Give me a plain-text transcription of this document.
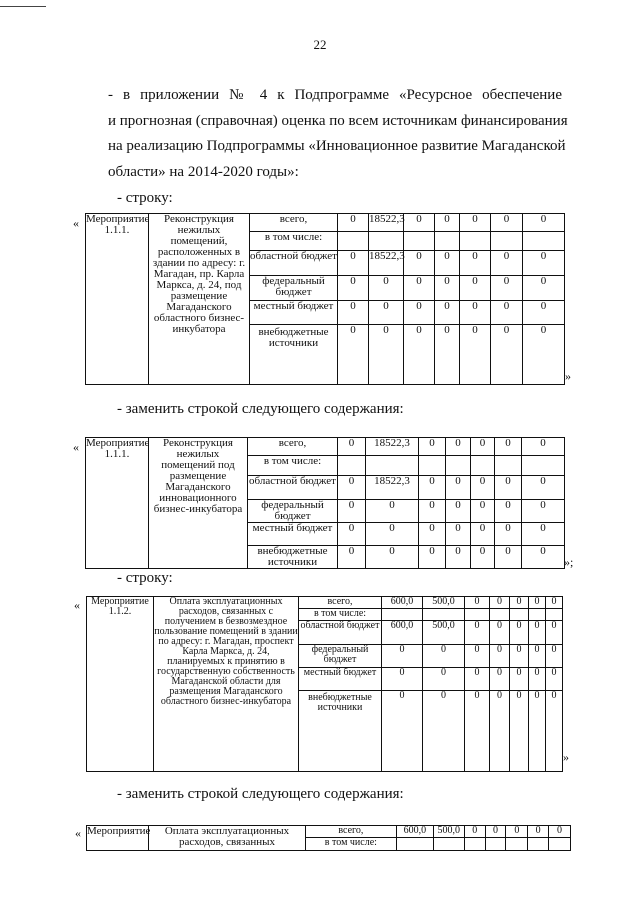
22
- в приложении № 4 к Подпрограмме «Ресурсное обеспечение
и прогнозная (справочная) оценка по всем источникам финансирования
на реализацию Подпрограммы «Инновационное развитие Магаданской
области» на 2014-2020 годы»:
- строку:
« Мероприятие 1.1.1.	Реконструкция нежилых помещений, расположенных в здании по адресу: г. Магадан, пр. Карла Маркса, д. 24, под размещение Магаданского областного бизнес-инкубатора	всего,	0	18522,3	0	0	0	0	0
		в том числе:							
		областной бюджет	0	18522,3	0	0	0	0	0
		федеральный бюджет	0	0	0	0	0	0	0
		местный бюджет	0	0	0	0	0	0	0
		внебюджетные источники	0	0	0	0	0	0	0
»
- заменить строкой следующего содержания:
« Мероприятие 1.1.1.	Реконструкция нежилых помещений под размещение Магаданского инновационного бизнес-инкубатора	всего,	0	18522,3	0	0	0	0	0
		в том числе:							
		областной бюджет	0	18522,3	0	0	0	0	0
		федеральный бюджет	0	0	0	0	0	0	0
		местный бюджет	0	0	0	0	0	0	0
		внебюджетные источники	0	0	0	0	0	0	0
»;
- строку:
« Мероприятие 1.1.2.	Оплата эксплуатационных расходов, связанных с получением в безвозмездное пользование помещений в здании по адресу: г. Магадан, проспект Карла Маркса, д. 24, планируемых к принятию в государственную собственность Магаданской области для размещения Магаданского областного бизнес-инкубатора	всего,	600,0	500,0	0	0	0	0	0
		в том числе:							
		областной бюджет	600,0	500,0	0	0	0	0	0
		федеральный бюджет	0	0	0	0	0	0	0
		местный бюджет	0	0	0	0	0	0	0
		внебюджетные источники	0	0	0	0	0	0	0
»
- заменить строкой следующего содержания:
« Мероприятие	Оплата эксплуатационных расходов, связанных	всего,	600,0	500,0	0	0	0	0	0
		в том числе:							
